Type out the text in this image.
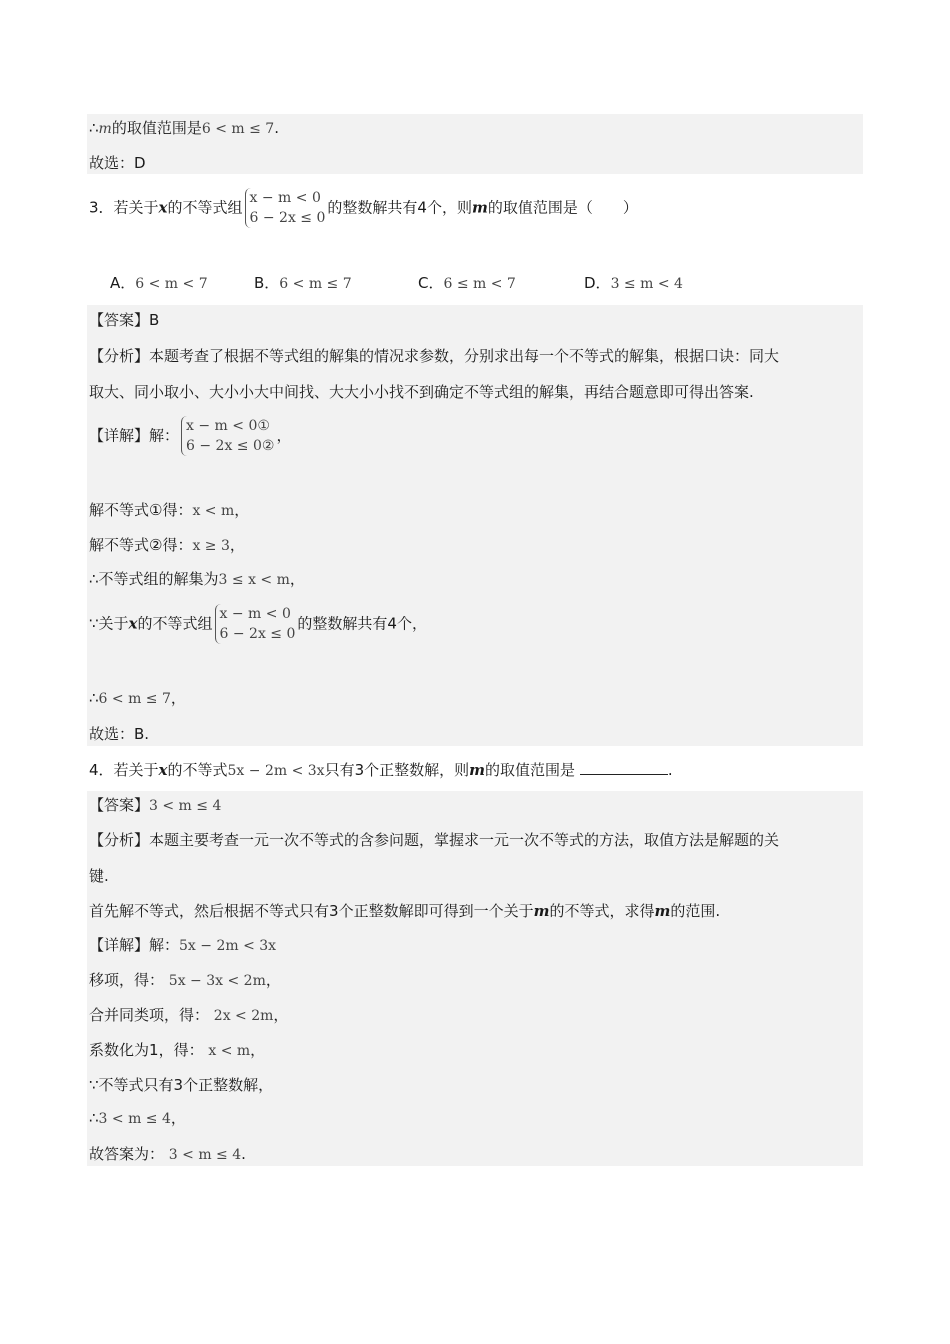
∴m的取值范围是6 < m ≤ 7.
故选：D
3．若关于x的不等式组
x − m < 0
6 − 2x ≤ 0
的整数解共有4个，则m的取值范围是（　　）
A．6 < m < 7	B．6 < m ≤ 7	C．6 ≤ m < 7	D．3 ≤ m < 4
【答案】B
【分析】本题考查了根据不等式组的解集的情况求参数，分别求出每一个不等式的解集，根据口诀：同大
取大、同小取小、大小小大中间找、大大小小找不到确定不等式组的解集，再结合题意即可得出答案.
【详解】解：
x − m < 0①
6 − 2x ≤ 0②
，
解不等式①得：x < m，
解不等式②得：x ≥ 3，
∴不等式组的解集为3 ≤ x < m，
∵关于x的不等式组
x − m < 0
6 − 2x ≤ 0
的整数解共有4个，
∴6 < m ≤ 7，
故选：B.
4．若关于x的不等式5x − 2m < 3x只有3个正整数解，则m的取值范围是	.
【答案】3 < m ≤ 4
【分析】本题主要考查一元一次不等式的含参问题，掌握求一元一次不等式的方法，取值方法是解题的关
键.
首先解不等式，然后根据不等式只有3个正整数解即可得到一个关于m的不等式，求得m的范围.
【详解】解：5x − 2m < 3x
移项，得： 5x − 3x < 2m，
合并同类项，得： 2x < 2m，
系数化为1，得： x < m，
∵不等式只有3个正整数解，
∴3 < m ≤ 4，
故答案为： 3 < m ≤ 4.
